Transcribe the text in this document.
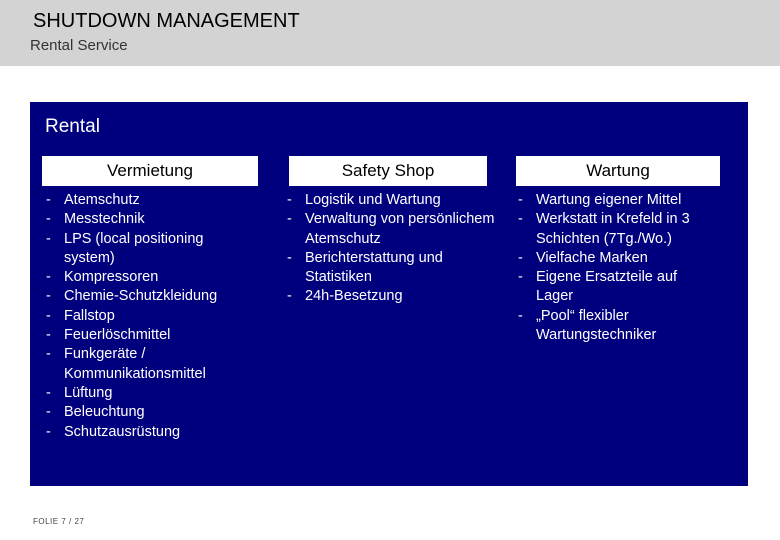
SHUTDOWN MANAGEMENT
Rental Service
Rental
Vermietung
- Atemschutz
- Messtechnik
- LPS (local positioning system)
- Kompressoren
- Chemie-Schutzkleidung
- Fallstop
- Feuerlöschmittel
- Funkgeräte / Kommunikationsmittel
- Lüftung
- Beleuchtung
- Schutzausrüstung
Safety Shop
- Logistik und Wartung
- Verwaltung von persönlichem Atemschutz
- Berichterstattung und Statistiken
- 24h-Besetzung
Wartung
- Wartung eigener Mittel
- Werkstatt in Krefeld in 3 Schichten (7Tg./Wo.)
- Vielfache Marken
- Eigene Ersatzteile auf Lager
- „Pool“ flexibler Wartungstechniker
FOLIE 7 / 27
